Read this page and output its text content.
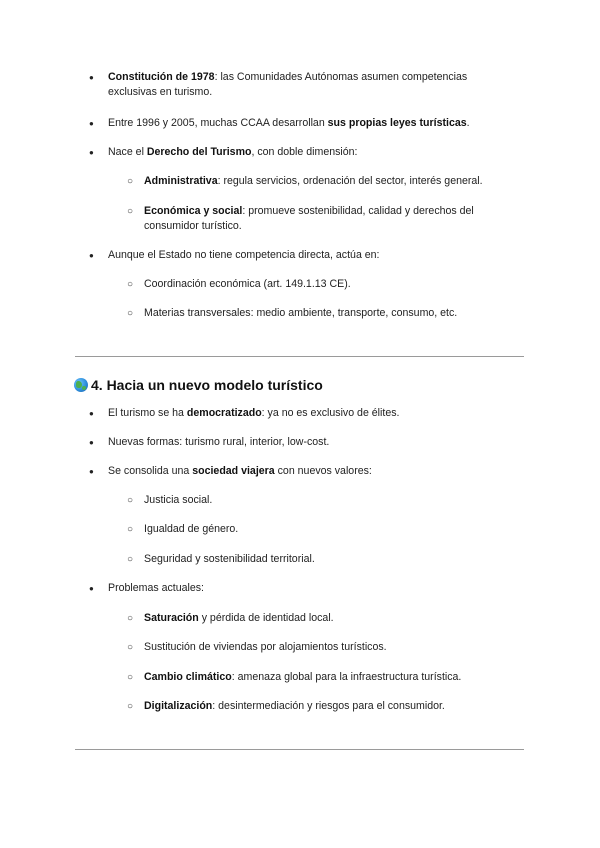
● Constitución de 1978: las Comunidades Autónomas asumen competencias exclusivas en turismo.
● Entre 1996 y 2005, muchas CCAA desarrollan sus propias leyes turísticas.
● Nace el Derecho del Turismo, con doble dimensión:
○ Administrativa: regula servicios, ordenación del sector, interés general.
○ Económica y social: promueve sostenibilidad, calidad y derechos del consumidor turístico.
● Aunque el Estado no tiene competencia directa, actúa en:
○ Coordinación económica (art. 149.1.13 CE).
○ Materias transversales: medio ambiente, transporte, consumo, etc.
4. Hacia un nuevo modelo turístico
● El turismo se ha democratizado: ya no es exclusivo de élites.
● Nuevas formas: turismo rural, interior, low-cost.
● Se consolida una sociedad viajera con nuevos valores:
○ Justicia social.
○ Igualdad de género.
○ Seguridad y sostenibilidad territorial.
● Problemas actuales:
○ Saturación y pérdida de identidad local.
○ Sustitución de viviendas por alojamientos turísticos.
○ Cambio climático: amenaza global para la infraestructura turística.
○ Digitalización: desintermediación y riesgos para el consumidor.
